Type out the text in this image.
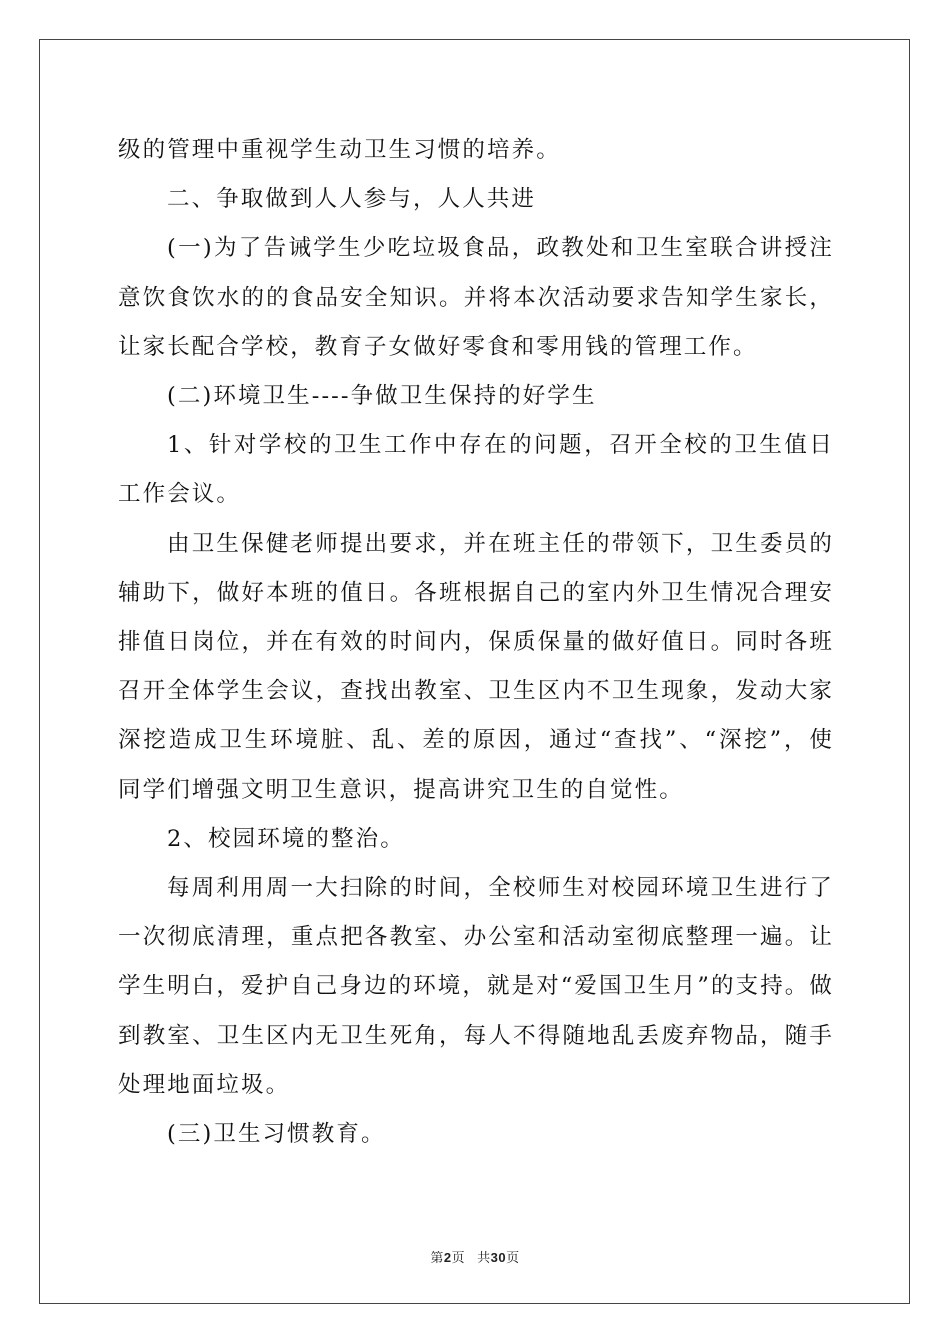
级的管理中重视学生动卫生习惯的培养。

二、争取做到人人参与，人人共进

(一)为了告诫学生少吃垃圾食品，政教处和卫生室联合讲授注意饮食饮水的的食品安全知识。并将本次活动要求告知学生家长，让家长配合学校，教育子女做好零食和零用钱的管理工作。

(二)环境卫生----争做卫生保持的好学生

1、针对学校的卫生工作中存在的问题，召开全校的卫生值日工作会议。

由卫生保健老师提出要求，并在班主任的带领下，卫生委员的辅助下，做好本班的值日。各班根据自己的室内外卫生情况合理安排值日岗位，并在有效的时间内，保质保量的做好值日。同时各班召开全体学生会议，查找出教室、卫生区内不卫生现象，发动大家深挖造成卫生环境脏、乱、差的原因，通过“查找”、“深挖”，使同学们增强文明卫生意识，提高讲究卫生的自觉性。

2、校园环境的整治。

每周利用周一大扫除的时间，全校师生对校园环境卫生进行了一次彻底清理，重点把各教室、办公室和活动室彻底整理一遍。让学生明白，爱护自己身边的环境，就是对“爱国卫生月”的支持。做到教室、卫生区内无卫生死角，每人不得随地乱丢废弃物品，随手处理地面垃圾。

(三)卫生习惯教育。

第2页 共30页
